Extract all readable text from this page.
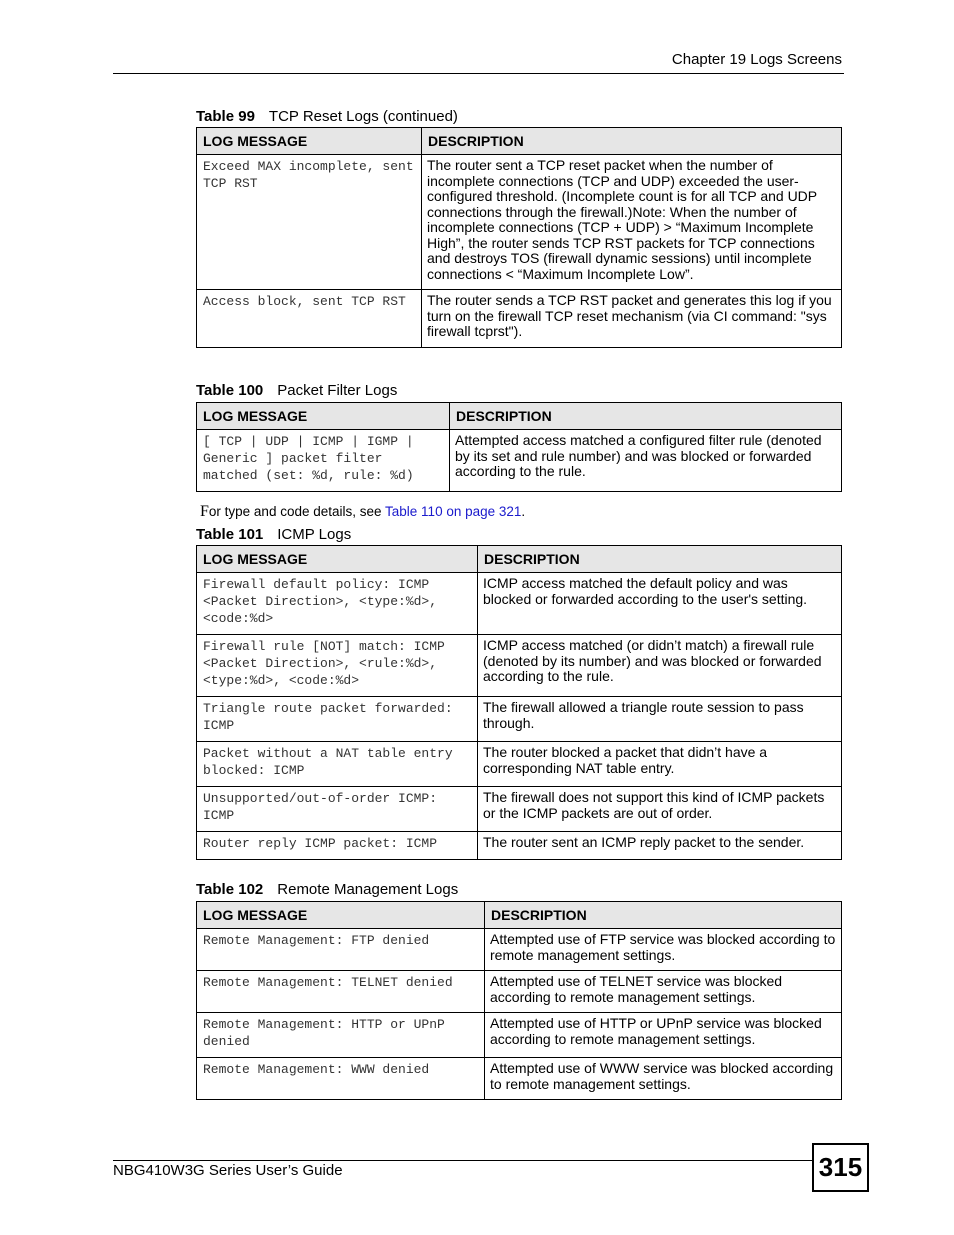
Chapter 19 Logs Screens
Table 99 TCP Reset Logs (continued)
LOG MESSAGE	DESCRIPTION
Exceed MAX incomplete, sent TCP RST	The router sent a TCP reset packet when the number of incomplete connections (TCP and UDP) exceeded the user-configured threshold. (Incomplete count is for all TCP and UDP connections through the firewall.)Note: When the number of incomplete connections (TCP + UDP) > “Maximum Incomplete High”, the router sends TCP RST packets for TCP connections and destroys TOS (firewall dynamic sessions) until incomplete connections < “Maximum Incomplete Low”.
Access block, sent TCP RST	The router sends a TCP RST packet and generates this log if you turn on the firewall TCP reset mechanism (via CI command: "sys firewall tcprst").
Table 100 Packet Filter Logs
LOG MESSAGE	DESCRIPTION
[ TCP | UDP | ICMP | IGMP | Generic ] packet filter matched (set: %d, rule: %d)	Attempted access matched a configured filter rule (denoted by its set and rule number) and was blocked or forwarded according to the rule.
For type and code details, see Table 110 on page 321.
Table 101 ICMP Logs
LOG MESSAGE	DESCRIPTION
Firewall default policy: ICMP <Packet Direction>, <type:%d>, <code:%d>	ICMP access matched the default policy and was blocked or forwarded according to the user's setting.
Firewall rule [NOT] match: ICMP <Packet Direction>, <rule:%d>, <type:%d>, <code:%d>	ICMP access matched (or didn’t match) a firewall rule (denoted by its number) and was blocked or forwarded according to the rule.
Triangle route packet forwarded: ICMP	The firewall allowed a triangle route session to pass through.
Packet without a NAT table entry blocked: ICMP	The router blocked a packet that didn’t have a corresponding NAT table entry.
Unsupported/out-of-order ICMP: ICMP	The firewall does not support this kind of ICMP packets or the ICMP packets are out of order.
Router reply ICMP packet: ICMP	The router sent an ICMP reply packet to the sender.
Table 102 Remote Management Logs
LOG MESSAGE	DESCRIPTION
Remote Management: FTP denied	Attempted use of FTP service was blocked according to remote management settings.
Remote Management: TELNET denied	Attempted use of TELNET service was blocked according to remote management settings.
Remote Management: HTTP or UPnP denied	Attempted use of HTTP or UPnP service was blocked according to remote management settings.
Remote Management: WWW denied	Attempted use of WWW service was blocked according to remote management settings.
NBG410W3G Series User’s Guide	315
